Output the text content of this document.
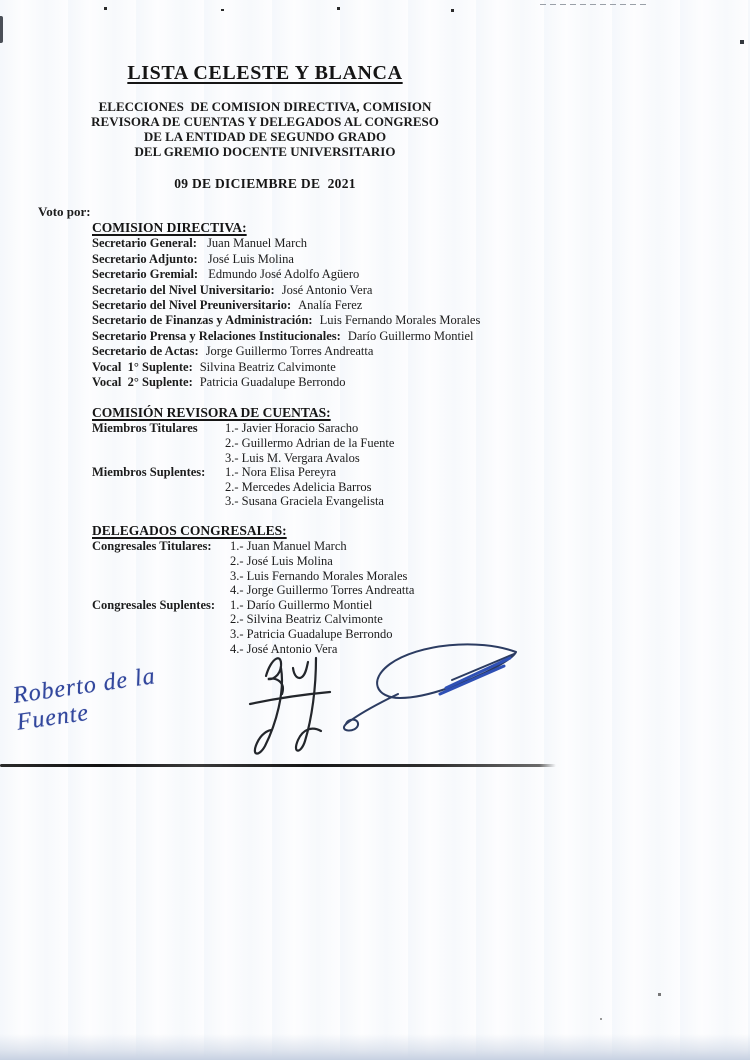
LISTA CELESTE Y BLANCA
ELECCIONES  DE COMISION DIRECTIVA, COMISION
REVISORA DE CUENTAS Y DELEGADOS AL CONGRESO
DE LA ENTIDAD DE SEGUNDO GRADO
DEL GREMIO DOCENTE UNIVERSITARIO
09 DE DICIEMBRE DE  2021
Voto por:
COMISION DIRECTIVA:
Secretario General: Juan Manuel March
Secretario Adjunto: José Luis Molina
Secretario Gremial: Edmundo José Adolfo Agüero
Secretario del Nivel Universitario: José Antonio Vera
Secretario del Nivel Preuniversitario: Analía Ferez
Secretario de Finanzas y Administración: Luis Fernando Morales Morales
Secretario Prensa y Relaciones Institucionales: Darío Guillermo Montiel
Secretario de Actas: Jorge Guillermo Torres Andreatta
Vocal  1° Suplente: Silvina Beatriz Calvimonte
Vocal  2° Suplente: Patricia Guadalupe Berrondo
COMISIÓN REVISORA DE CUENTAS:
Miembros Titulares 1.- Javier Horacio Saracho
2.- Guillermo Adrian de la Fuente
3.- Luis M. Vergara Avalos
Miembros Suplentes: 1.- Nora Elisa Pereyra
2.- Mercedes Adelicia Barros
3.- Susana Graciela Evangelista
DELEGADOS CONGRESALES:
Congresales Titulares: 1.- Juan Manuel March
2.- José Luis Molina
3.- Luis Fernando Morales Morales
4.- Jorge Guillermo Torres Andreatta
Congresales Suplentes: 1.- Darío Guillermo Montiel
2.- Silvina Beatriz Calvimonte
3.- Patricia Guadalupe Berrondo
4.- José Antonio Vera
Roberto de la Fuente
